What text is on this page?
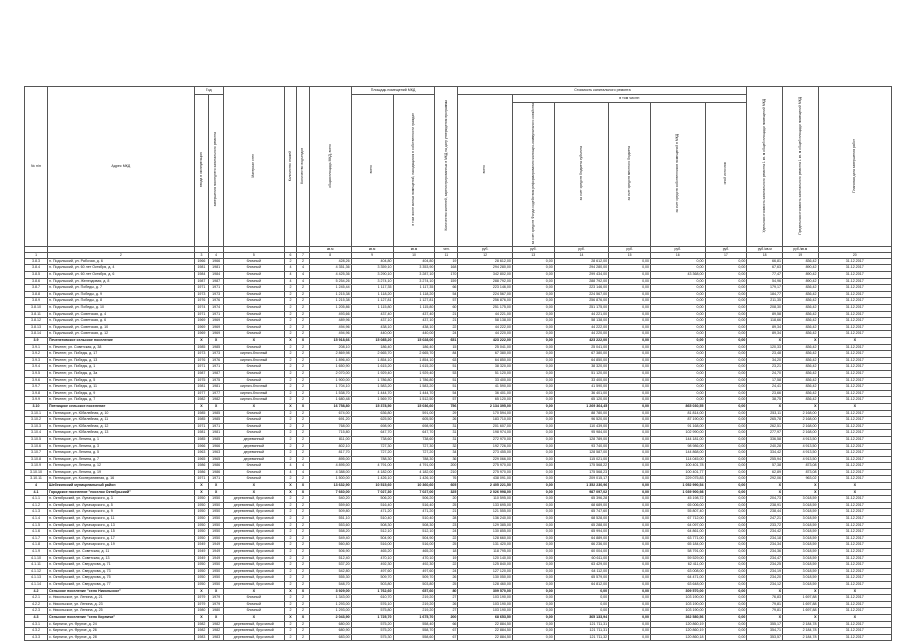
№ п/п	Адрес МКД	Год		Материал стен	Количество этажей	Количество подъездов	общая площадь МКД, всего	Площадь помещений МКД		Количество жителей, зарегистрированных в МКД на дату утверждения программы	Стоимость капитального ремонта						Удельная стоимость капитального ремонта 1 кв. м общей площади помещений МКД	Предельная стоимость капитального ремонта 1 кв. м общей площади помещений МКД	Плановая дата завершения работ
		ввода в эксплуатацию	завершения последнего капитального ремонта					всего	в том числе жилых помещений, находящихся в собственности граждан		всего	в том числе:							
												за счет средств Фонда содействия реформированию жилищно-коммунального хозяйства	за счет средств бюджета субъекта	за счет средств местного бюджета	за счет средств собственников помещений в МКД	иной источник			
							кв.м	кв.м	кв.м	чел.	руб.	руб.	руб.	руб.	руб.	руб.	руб./кв.м	руб./кв.м	
1	2	3	4	5	6	7	8	9	10	11	12	13	14	15	16	17	18	19	20
3.8.3	п. Подольский, ул. Рабочая, д. 6	1966	1966	блочный	2	2	428,26	404,80	404,80	19	28 612,00	0,00	28 612,00	0,00	0,00	0,00	66,81	836,42	31.12.2017
3.8.4	п. Подольский, ул. 60 лет Октября, д. 4	1981	1981	блочный	4	4	4 351,36	3 359,10	3 353,90	168	294 280,00	0,00	294 280,00	0,00	0,00	0,00	67,63	890,42	31.12.2017
3.8.5	п. Подольский, ул. 60 лет Октября, д. 6	1984	1984	блочный	4	4	4 425,36	3 290,10	3 287,10	170	342 802,00	0,00	299 434,00	0,00	43 368,00	0,00	77,47	890,42	31.12.2017
3.8.6	п. Подольский, ул. Желездовая, д. 8	1987	1987	блочный	4	4	5 254,26	3 274,10	3 274,10	159	288 792,00	0,00	288 792,00	0,00	0,00	0,00	54,96	890,42	31.12.2017
3.8.7	п. Подольский, ул. Победы, д. 7	1971	1971	блочный	2	2	1 245,44	1 117,35	1 117,35	66	223 146,00	0,00	223 146,00	0,00	0,00	0,00	179,17	836,42	31.12.2017
3.8.8	п. Подольский, ул. Победы, д. 9	1973	1973	блочный	2	2	1 215,38	1 118,20	1 118,20	54	224 567,00	0,00	224 567,00	0,00	0,00	0,00	184,77	836,42	31.12.2017
3.8.9	п. Подольский, ул. Победы, д. 8	1976	1976	блочный	2	2	1 215,38	1 127,81	1 127,81	57	256 876,00	0,00	256 876,00	0,00	0,00	0,00	211,35	836,42	31.12.2017
3.8.10	п. Подольский, ул. Победы, д. 10	1974	1974	блочный	2	2	1 205,86	1 115,80	1 115,80	60	251 175,00	0,00	251 175,00	0,00	0,00	0,00	208,30	836,42	31.12.2017
3.8.11	п. Подольский, ул. Советская, д. 4	1971	1971	блочный	2	2	493,66	437,40	437,40	21	44 221,00	0,00	44 221,00	0,00	0,00	0,00	89,58	836,42	31.12.2017
3.8.12	п. Подольский, ул. Советская, д. 6	1969	1969	блочный	2	2	489,96	437,10	437,10	21	58 138,00	0,00	58 138,00	0,00	0,00	0,00	118,66	836,42	31.12.2017
3.8.13	п. Подольский, ул. Советская, д. 10	1969	1969	блочный	2	2	494,96	438,10	438,10	22	44 222,00	0,00	44 222,00	0,00	0,00	0,00	89,34	836,42	31.12.2017
3.8.14	п. Подольский, ул. Советская, д. 12	1969	1969	блочный	2	2	494,96	440,00	440,00	24	44 220,00	0,00	44 220,00	0,00	0,00	0,00	89,34	836,42	31.12.2017
3.9	Печенеговское сельское поселение	Х	Х	Х	Х	Х	15 918,66	15 085,20	15 028,00	651	423 222,00	0,00	423 222,00	0,00	0,00	0,00	Х	Х	Х
3.9.1	п. Печенег, ул. Советская, д. 38	1985	1985	блочный	2	2	208,10	186,40	186,40	15	25 041,00	0,00	25 041,00	0,00	0,00	0,00	120,33	836,42	31.12.2017
3.9.2	п. Печенег, ул. Победы, д. 17	1973	1973	кирпич-блочный	2	2	2 869,98	2 665,70	2 665,70	84	67 380,00	0,00	67 380,00	0,00	0,00	0,00	23,48	836,42	31.12.2017
3.9.3	п. Печенег, ул. Победы, д. 13	1976	1976	кирпич-блочный	2	2	1 896,40	1 854,10	1 854,10	63	64 850,00	0,00	64 850,00	0,00	0,00	0,00	34,20	836,42	31.12.2017
3.9.4	п. Печенег, ул. Победы, д. 1	1971	1971	блочный	2	2	1 650,90	1 615,20	1 615,20	51	38 320,00	0,00	38 320,00	0,00	0,00	0,00	23,21	836,42	31.12.2017
3.9.5	п. Печенег, ул. Победы, д. 3а	1987	1987	блочный	2	2	2 070,00	1 929,40	1 929,40	53	51 120,00	0,00	51 120,00	0,00	0,00	0,00	24,70	836,42	31.12.2017
3.9.6	п. Печенег, ул. Победы, д. 5	1975	1975	блочный	2	2	1 900,00	1 786,80	1 786,80	51	33 400,00	0,00	33 400,00	0,00	0,00	0,00	17,58	836,42	31.12.2017
3.9.7	п. Печенег, ул. Победы, д. 11	1981	1981	кирпич-блочный	2	2	1 704,10	1 583,20	1 583,20	51	41 590,00	0,00	41 590,00	0,00	0,00	0,00	24,41	836,42	31.12.2017
3.9.8	п. Печенег, ул. Победы, д. 9	1977	1977	кирпич-блочный	2	2	1 538,70	1 444,70	1 444,70	54	36 401,00	0,00	36 401,00	0,00	0,00	0,00	23,66	836,42	31.12.2017
3.9.9	п. Печенег, ул. Победы, д. 7	1982	1982	кирпич-блочный	2	2	1 680,48	1 569,70	1 512,50	57	65 120,00	0,00	65 120,00	0,00	0,00	0,00	38,75	836,42	31.12.2017
3.10	Пятницкое сельское поселение	Х	Х	Х	Х	Х	16 758,80	15 378,50	15 036,60	756	2 134 395,00	0,00	1 269 364,45	0,00	865 030,55	0,00	Х	Х	Х
3.10.1	п. Пятницкое, ул. Юбилейная, д. 10	1985	1985	блочный	2	2	674,00	636,80	591,00	29	170 594,00	0,00	88 780,00	0,00	81 814,00	0,00	253,11	2 168,00	31.12.2017
3.10.2	п. Пятницкое, ул. Юбилейная, д. 11	1985	1985	блочный	2	2	691,20	625,50	605,50	26	183 710,00	0,00	96 520,00	0,00	87 190,00	0,00	265,78	2 168,00	31.12.2017
3.10.3	п. Пятницкое, ул. Юбилейная, д. 12	1971	1971	блочный	2	2	768,00	698,90	698,90	31	201 607,00	0,00	110 439,00	0,00	91 168,00	0,00	262,51	2 168,00	31.12.2017
3.10.4	п. Пятницкое, ул. Юбилейная, д. 13	1981	1981	блочный	2	2	715,80	647,70	647,70	31	198 974,00	0,00	95 984,00	0,00	102 990,00	0,00	277,97	2 168,00	31.12.2017
3.10.5	п. Пятницкое, ул. Ленина, д. 1	1985	1985	деревянный	2	2	811,00	738,60	738,60	31	272 970,00	0,00	128 789,00	0,00	144 181,00	0,00	336,58	4 913,50	31.12.2017
3.10.6	п. Пятницкое, ул. Ленина, д. 3	1966	1966	деревянный	2	2	802,10	727,30	727,30	32	192 726,00	0,00	93 740,00	0,00	98 986,00	0,00	240,28	4 913,50	31.12.2017
3.10.7	п. Пятницкое, ул. Ленина, д. 5	1963	1963	деревянный	2	2	817,70	727,20	727,20	34	273 455,00	0,00	128 587,00	0,00	144 868,00	0,00	334,42	4 913,50	31.12.2017
3.10.8	п. Пятницкое, ул. Ленина, д. 7	1965	1965	деревянный	2	2	895,00	788,30	788,30	36	229 066,00	0,00	115 021,00	0,00	114 045,00	0,00	255,94	4 913,50	31.12.2017
3.10.9	п. Пятницкое, ул. Ленина, д. 12	1986	1986	блочный	4	4	4 895,00	4 791,00	4 791,00	200	275 970,00	0,00	175 568,22	0,00	100 401,78	0,00	57,38	873,08	31.12.2017
3.10.10	п. Пятницкое, ул. Ленина, д. 19	1986	1986	блочный	4	4	4 388,00	4 182,00	4 182,00	210	275 970,00	0,00	175 568,23	0,00	100 401,77	0,00	62,89	873,08	31.12.2017
3.10.11	п. Пятницкое, ул. Кооперативная, д. 16	1971	1971	блочный	2	2	1 500,00	1 426,10	1 426,10	76	438 091,00	0,00	209 015,17	0,00	229 075,83	0,00	292,06	963,02	31.12.2017
4	Шебекинский муниципальный район	Х	Х	Х	Х	Х	13 632,90	10 515,60	10 360,60	605	2 405 221,50	0,00	1 352 230,96	0,00	1 052 990,54	0,00	Х	Х	Х
4.1	Городское поселение "поселок Октябрьский"	Х	Х	Х	Х	Х	7 660,00	7 027,30	7 027,00	325	2 026 998,00	0,00	987 097,02	0,00	1 039 900,98	0,00	Х	Х	Х
4.1.1	п. Октябрьский, ул. Луначарского, д. 3	1950	1950	деревянный, брусчатый	2	2	540,20	506,20	506,20	20	110 595,00	0,00	65 396,28	0,00	45 198,72	0,00	204,73	3 018,59	31.12.2017
4.1.2	п. Октябрьский, ул. Луначарского, д. 5	1950	1950	деревянный, брусчатый	2	2	559,60	516,40	516,40	25	133 695,00	0,00	68 689,00	0,00	65 006,00	0,00	238,91	3 018,59	31.12.2017
4.1.3	п. Октябрьский, ул. Луначарского, д. 9	1950	1950	деревянный, брусчатый	2	2	509,80	471,20	471,20	21	121 555,00	0,00	65 747,60	0,00	55 807,40	0,00	238,44	3 018,59	31.12.2017
4.1.4	п. Октябрьский, ул. Луначарского, д. 11	1950	1950	деревянный, брусчатый	2	2	551,10	510,40	510,40	28	136 240,00	0,00	68 528,00	0,00	67 712,00	0,00	247,21	3 018,59	31.12.2017
4.1.5	п. Октябрьский, ул. Луначарского, д. 13	1950	1950	деревянный, брусчатый	2	2	553,60	508,30	508,30	23	129 385,00	0,00	65 288,00	0,00	64 097,00	0,00	233,72	3 018,59	31.12.2017
4.1.6	п. Октябрьский, ул. Луначарского, д. 15	1950	1950	деревянный, брусчатый	2	2	558,20	512,10	512,10	24	130 855,00	0,00	65 994,00	0,00	64 861,00	0,00	234,42	3 018,59	31.12.2017
4.1.7	п. Октябрьский, ул. Луначарского, д. 17	1950	1950	деревянный, брусчатый	2	2	549,40	504,90	504,90	22	128 660,00	0,00	64 889,00	0,00	63 771,00	0,00	234,18	3 018,59	31.12.2017
4.1.8	п. Октябрьский, ул. Луначарского, д. 19	1949	1949	деревянный, брусчатый	2	2	560,80	516,00	516,00	25	131 420,00	0,00	66 236,00	0,00	65 184,00	0,00	234,34	3 018,59	31.12.2017
4.1.9	п. Октябрьский, ул. Советская, д. 11	1949	1949	деревянный, брусчатый	2	2	506,90	465,20	465,20	18	118 795,00	0,00	60 004,00	0,00	58 791,00	0,00	234,36	3 018,59	31.12.2017
4.1.10	п. Октябрьский, ул. Советская, д. 13	1949	1949	деревянный, брусчатый	2	2	512,40	470,10	470,10	19	120 140,00	0,00	60 611,00	0,00	59 529,00	0,00	234,47	3 018,59	31.12.2017
4.1.11	п. Октябрьский, ул. Свердлова, д. 71	1950	1950	деревянный, брусчатый	2	2	537,20	492,30	492,30	22	125 840,00	0,00	63 429,00	0,00	62 411,00	0,00	234,25	3 018,59	31.12.2017
4.1.12	п. Октябрьский, ул. Свердлова, д. 73	1950	1950	деревянный, брусчатый	2	2	542,80	497,60	497,60	24	127 120,00	0,00	64 112,00	0,00	63 008,00	0,00	234,19	3 018,59	31.12.2017
4.1.13	п. Октябрьский, ул. Свердлова, д. 75	1950	1950	деревянный, брусчатый	2	2	555,30	509,70	509,70	26	130 050,00	0,00	65 579,00	0,00	64 471,00	0,00	234,20	3 018,59	31.12.2017
4.1.14	п. Октябрьский, ул. Свердлова, д. 77	1950	1950	деревянный, брусчатый	2	2	548,70	503,80	503,80	25	128 460,00	0,00	64 812,00	0,00	63 648,00	0,00	234,12	3 018,59	31.12.2017
4.2	Сельское поселение "село Никольское"	Х	Х	Х	Х	Х	3 929,00	1 762,60	657,60	80	309 570,00	0,00	0,00	0,00	309 570,00	0,00	Х	Х	Х
4.2.1	с. Никольское, ул. Ленина, д. 21	1979	1979	блочный	2	2	1 343,00	610,70	219,20	27	103 190,00	0,00	0,00	0,00	103 190,00	0,00	76,83	1 697,88	31.12.2017
4.2.2	с. Никольское, ул. Ленина, д. 23	1979	1979	блочный	2	2	1 293,00	576,10	219,20	26	103 190,00	0,00	0,00	0,00	103 190,00	0,00	79,81	1 697,88	31.12.2017
4.2.3	с. Никольское, ул. Ленина, д. 25	1980	1980	блочный	2	2	1 293,00	575,80	219,20	27	103 190,00	0,00	0,00	0,00	103 190,00	0,00	79,81	1 697,88	31.12.2017
4.3	Сельское поселение "село Кирпичи"	Х	Х	Х	Х	Х	2 043,90	1 725,70	1 675,70	200	68 653,50	0,00	365 133,94	0,00	362 580,56	0,00	Х	Х	Х
4.3.1	с. Кирпичи, ул. Фрунзе, д. 24	1982	1982	деревянный, брусчатый	2	2	680,00	575,20	558,40	66	22 884,50	0,00	121 711,31	0,00	120 860,19	0,00	355,17	2 184,78	31.12.2017
4.3.2	с. Кирпичи, ул. Фрунзе, д. 26	1982	1982	деревянный, брусчатый	2	2	680,90	575,20	558,70	67	22 884,50	0,00	121 711,31	0,00	120 860,19	0,00	354,71	2 184,78	31.12.2017
4.3.3	с. Кирпичи, ул. Фрунзе, д. 28	1983	1983	деревянный, брусчатый	2	2	683,00	575,30	558,60	67	22 884,50	0,00	121 711,32	0,00	120 860,18	0,00	353,57	2 184,78	31.12.2017
